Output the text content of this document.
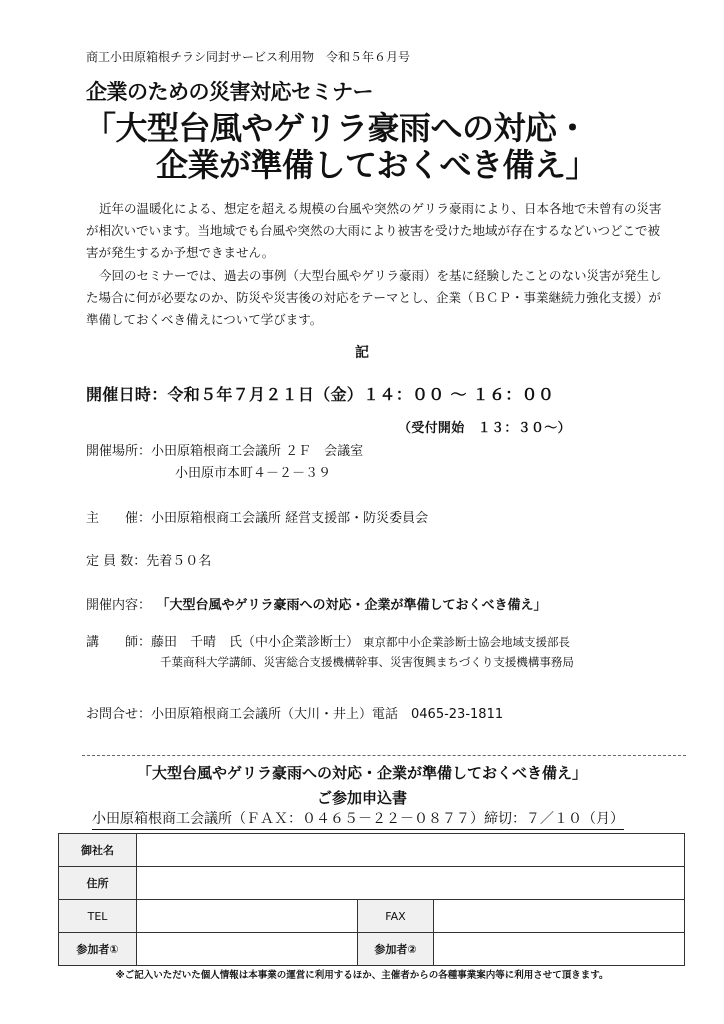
商工小田原箱根チラシ同封サービス利用物　令和５年６月号
企業のための災害対応セミナー
「大型台風やゲリラ豪雨への対応・
企業が準備しておくべき備え」
近年の温暖化による、想定を超える規模の台風や突然のゲリラ豪雨により、日本各地で未曾有の災害が相次いでいます。当地域でも台風や突然の大雨により被害を受けた地域が存在するなどいつどこで被害が発生するか予想できません。
今回のセミナーでは、過去の事例（大型台風やゲリラ豪雨）を基に経験したことのない災害が発生した場合に何が必要なのか、防災や災害後の対応をテーマとし、企業（ＢＣＰ・事業継続力強化支援）が準備しておくべき備えについて学びます。
記
開催日時：令和５年７月２１日（金）１４：００ ～ １６：００
（受付開始　１３：３０～）
開催場所：小田原箱根商工会議所 ２Ｆ　会議室
小田原市本町４－２－３９
主　　催：小田原箱根商工会議所 経営支援部・防災委員会
定 員 数：先着５０名
開催内容： 「大型台風やゲリラ豪雨への対応・企業が準備しておくべき備え」
講　　師：藤田　千晴　氏（中小企業診断士） 東京都中小企業診断士協会地域支援部長
千葉商科大学講師、災害総合支援機構幹事、災害復興まちづくり支援機構事務局
お問合せ：小田原箱根商工会議所（大川・井上）電話　0465-23-1811
「大型台風やゲリラ豪雨への対応・企業が準備しておくべき備え」
ご参加申込書
小田原箱根商工会議所（ＦＡＸ：０４６５－２２－０８７７）締切：７／１０（月）
御社名			
住所			
TEL		FAX	
参加者①		参加者②	
※ご記入いただいた個人情報は本事業の運営に利用するほか、主催者からの各種事業案内等に利用させて頂きます。
